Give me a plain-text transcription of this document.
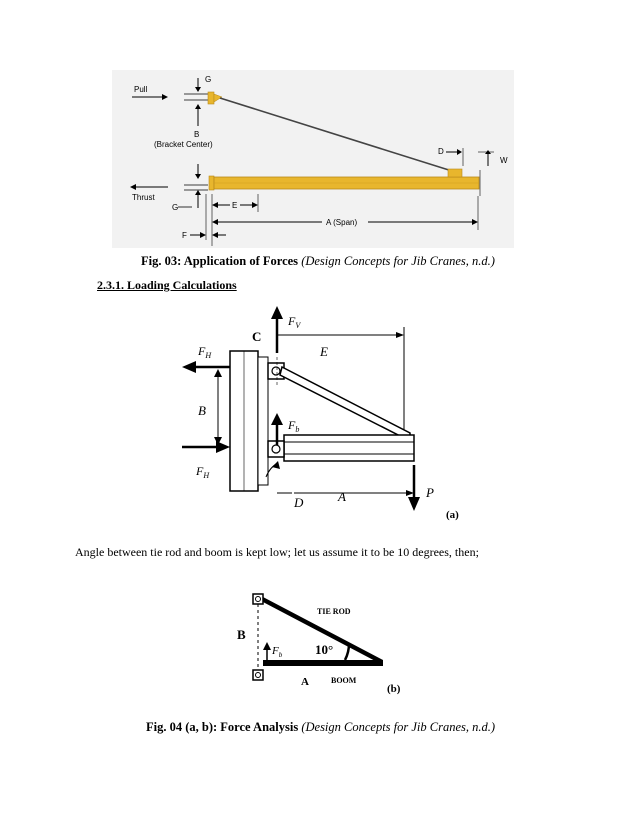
G
Pull
B
(Bracket Center)
D
W
Thrust
G	E
A (Span)
F
Fig. 03: Application of Forces (Design Concepts for Jib Cranes, n.d.)
2.3.1. Loading Calculations
C
$F_V$
E
$F_H$
B
$F_b$
$F_H$
D	A	P
(a)
Angle between tie rod and boom is kept low; let us assume it to be 10 degrees, then;
TIE ROD
BOOM
A
10°
$F_b$
B
(b)
Fig. 04 (a, b): Force Analysis (Design Concepts for Jib Cranes, n.d.)
